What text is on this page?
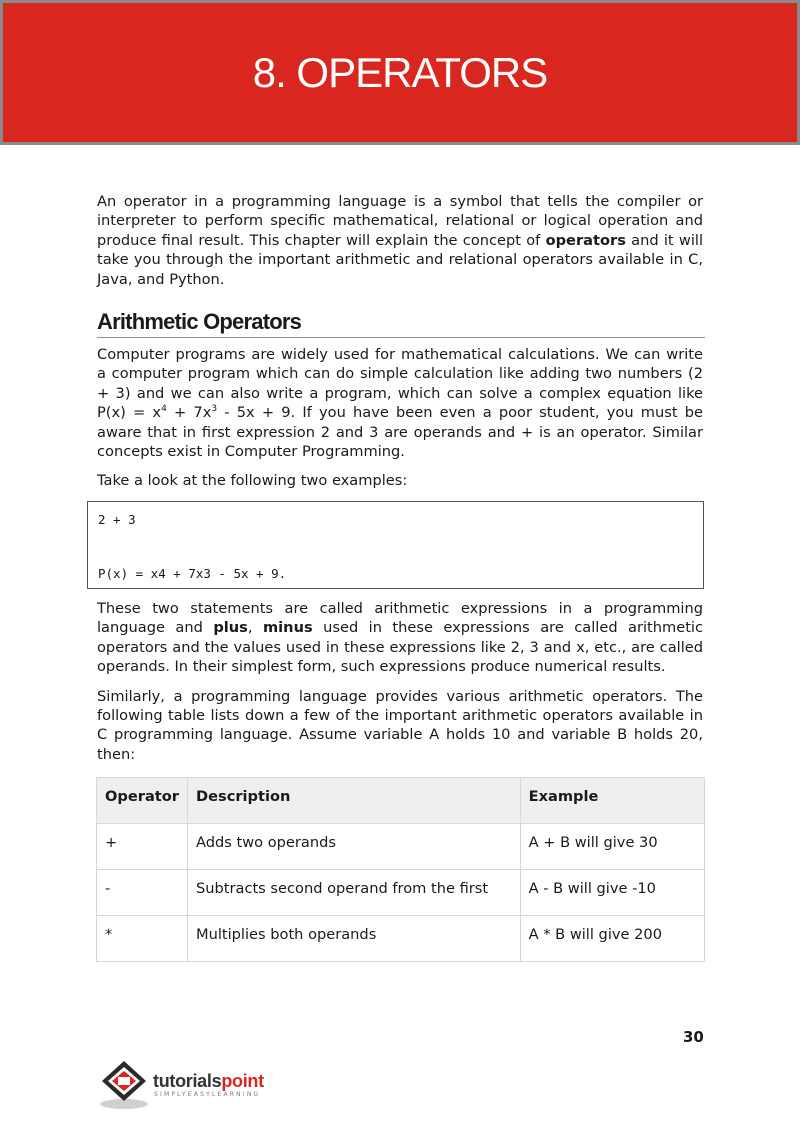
8. OPERATORS

An operator in a programming language is a symbol that tells the compiler or interpreter to perform specific mathematical, relational or logical operation and produce final result. This chapter will explain the concept of operators and it will take you through the important arithmetic and relational operators available in C, Java, and Python.

Arithmetic Operators

Computer programs are widely used for mathematical calculations. We can write a computer program which can do simple calculation like adding two numbers (2 + 3) and we can also write a program, which can solve a complex equation like $P(x) = x^4 + 7x^3 - 5x + 9$. If you have been even a poor student, you must be aware that in first expression 2 and 3 are operands and + is an operator. Similar concepts exist in Computer Programming.

Take a look at the following two examples:

2 + 3
P(x) = x4 + 7x3 - 5x + 9.

These two statements are called arithmetic expressions in a programming language and plus, minus used in these expressions are called arithmetic operators and the values used in these expressions like 2, 3 and x, etc., are called operands. In their simplest form, such expressions produce numerical results.

Similarly, a programming language provides various arithmetic operators. The following table lists down a few of the important arithmetic operators available in C programming language. Assume variable A holds 10 and variable B holds 20, then:

Operator	Description	Example
+	Adds two operands	A + B will give 30
-	Subtracts second operand from the first	A - B will give -10
*	Multiplies both operands	A * B will give 200
30
tutorialspoint
SIMPLYEASYLEARNING
